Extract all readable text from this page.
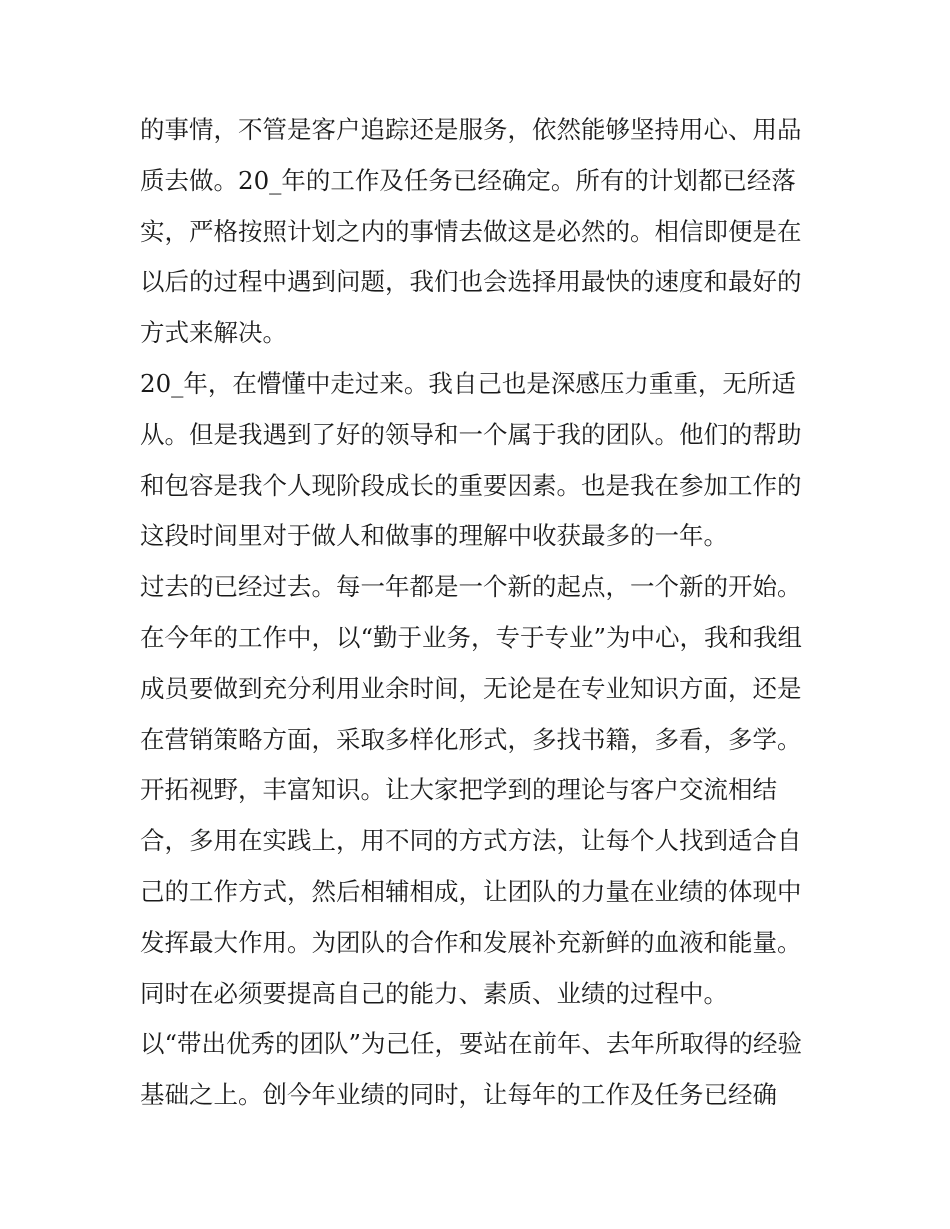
的事情，不管是客户追踪还是服务，依然能够坚持用心、用品
质去做。20_年的工作及任务已经确定。所有的计划都已经落
实，严格按照计划之内的事情去做这是必然的。相信即便是在
以后的过程中遇到问题，我们也会选择用最快的速度和最好的
方式来解决。
20_年，在懵懂中走过来。我自己也是深感压力重重，无所适
从。但是我遇到了好的领导和一个属于我的团队。他们的帮助
和包容是我个人现阶段成长的重要因素。也是我在参加工作的
这段时间里对于做人和做事的理解中收获最多的一年。
过去的已经过去。每一年都是一个新的起点，一个新的开始。
在今年的工作中，以“勤于业务，专于专业”为中心，我和我组
成员要做到充分利用业余时间，无论是在专业知识方面，还是
在营销策略方面，采取多样化形式，多找书籍，多看，多学。
开拓视野，丰富知识。让大家把学到的理论与客户交流相结
合，多用在实践上，用不同的方式方法，让每个人找到适合自
己的工作方式，然后相辅相成，让团队的力量在业绩的体现中
发挥最大作用。为团队的合作和发展补充新鲜的血液和能量。
同时在必须要提高自己的能力、素质、业绩的过程中。
以“带出优秀的团队”为己任，要站在前年、去年所取得的经验
基础之上。创今年业绩的同时，让每年的工作及任务已经确
